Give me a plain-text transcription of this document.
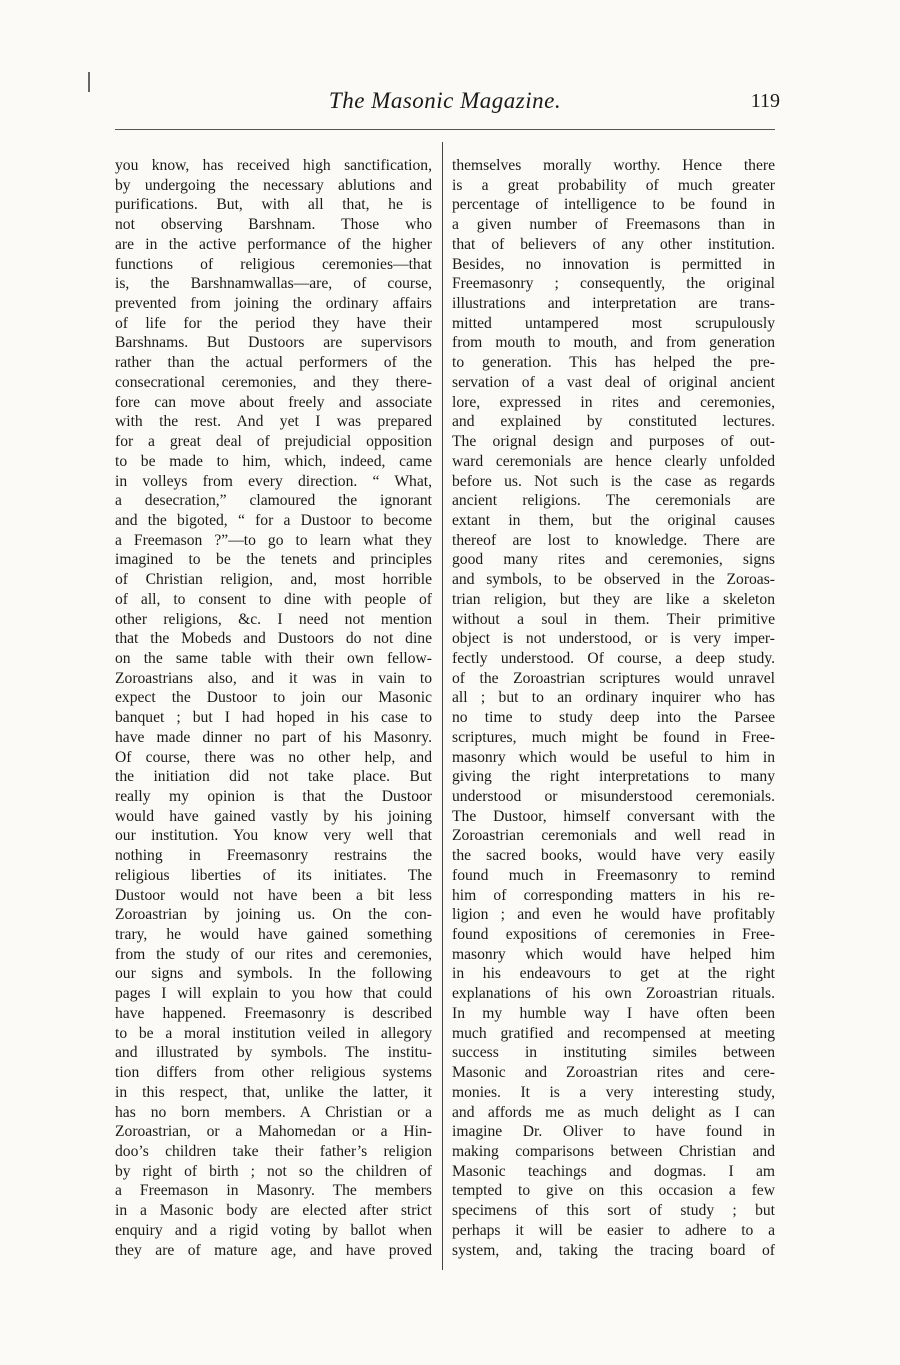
The Masonic Magazine.	119
you know, has received high sanctification,
by undergoing the necessary ablutions and
purifications. But, with all that, he is
not observing Barshnam. Those who
are in the active performance of the higher
functions of religious ceremonies—that
is, the Barshnamwallas—are, of course,
prevented from joining the ordinary affairs
of life for the period they have their
Barshnams. But Dustoors are supervisors
rather than the actual performers of the
consecrational ceremonies, and they there-
fore can move about freely and associate
with the rest. And yet I was prepared
for a great deal of prejudicial opposition
to be made to him, which, indeed, came
in volleys from every direction. “ What,
a desecration,” clamoured the ignorant
and the bigoted, “ for a Dustoor to become
a Freemason ?”—to go to learn what they
imagined to be the tenets and principles
of Christian religion, and, most horrible
of all, to consent to dine with people of
other religions, &c. I need not mention
that the Mobeds and Dustoors do not dine
on the same table with their own fellow-
Zoroastrians also, and it was in vain to
expect the Dustoor to join our Masonic
banquet ; but I had hoped in his case to
have made dinner no part of his Masonry.
Of course, there was no other help, and
the initiation did not take place. But
really my opinion is that the Dustoor
would have gained vastly by his joining
our institution. You know very well that
nothing in Freemasonry restrains the
religious liberties of its initiates. The
Dustoor would not have been a bit less
Zoroastrian by joining us. On the con-
trary, he would have gained something
from the study of our rites and ceremonies,
our signs and symbols. In the following
pages I will explain to you how that could
have happened. Freemasonry is described
to be a moral institution veiled in allegory
and illustrated by symbols. The institu-
tion differs from other religious systems
in this respect, that, unlike the latter, it
has no born members. A Christian or a
Zoroastrian, or a Mahomedan or a Hin-
doo’s children take their father’s religion
by right of birth ; not so the children of
a Freemason in Masonry. The members
in a Masonic body are elected after strict
enquiry and a rigid voting by ballot when
they are of mature age, and have proved
themselves morally worthy. Hence there
is a great probability of much greater
percentage of intelligence to be found in
a given number of Freemasons than in
that of believers of any other institution.
Besides, no innovation is permitted in
Freemasonry ; consequently, the original
illustrations and interpretation are trans-
mitted untampered most scrupulously
from mouth to mouth, and from generation
to generation. This has helped the pre-
servation of a vast deal of original ancient
lore, expressed in rites and ceremonies,
and explained by constituted lectures.
The orignal design and purposes of out-
ward ceremonials are hence clearly unfolded
before us. Not such is the case as regards
ancient religions. The ceremonials are
extant in them, but the original causes
thereof are lost to knowledge. There are
good many rites and ceremonies, signs
and symbols, to be observed in the Zoroas-
trian religion, but they are like a skeleton
without a soul in them. Their primitive
object is not understood, or is very imper-
fectly understood. Of course, a deep study.
of the Zoroastrian scriptures would unravel
all ; but to an ordinary inquirer who has
no time to study deep into the Parsee
scriptures, much might be found in Free-
masonry which would be useful to him in
giving the right interpretations to many
understood or misunderstood ceremonials.
The Dustoor, himself conversant with the
Zoroastrian ceremonials and well read in
the sacred books, would have very easily
found much in Freemasonry to remind
him of corresponding matters in his re-
ligion ; and even he would have profitably
found expositions of ceremonies in Free-
masonry which would have helped him
in his endeavours to get at the right
explanations of his own Zoroastrian rituals.
In my humble way I have often been
much gratified and recompensed at meeting
success in instituting similes between
Masonic and Zoroastrian rites and cere-
monies. It is a very interesting study,
and affords me as much delight as I can
imagine Dr. Oliver to have found in
making comparisons between Christian and
Masonic teachings and dogmas. I am
tempted to give on this occasion a few
specimens of this sort of study ; but
perhaps it will be easier to adhere to a
system, and, taking the tracing board of
